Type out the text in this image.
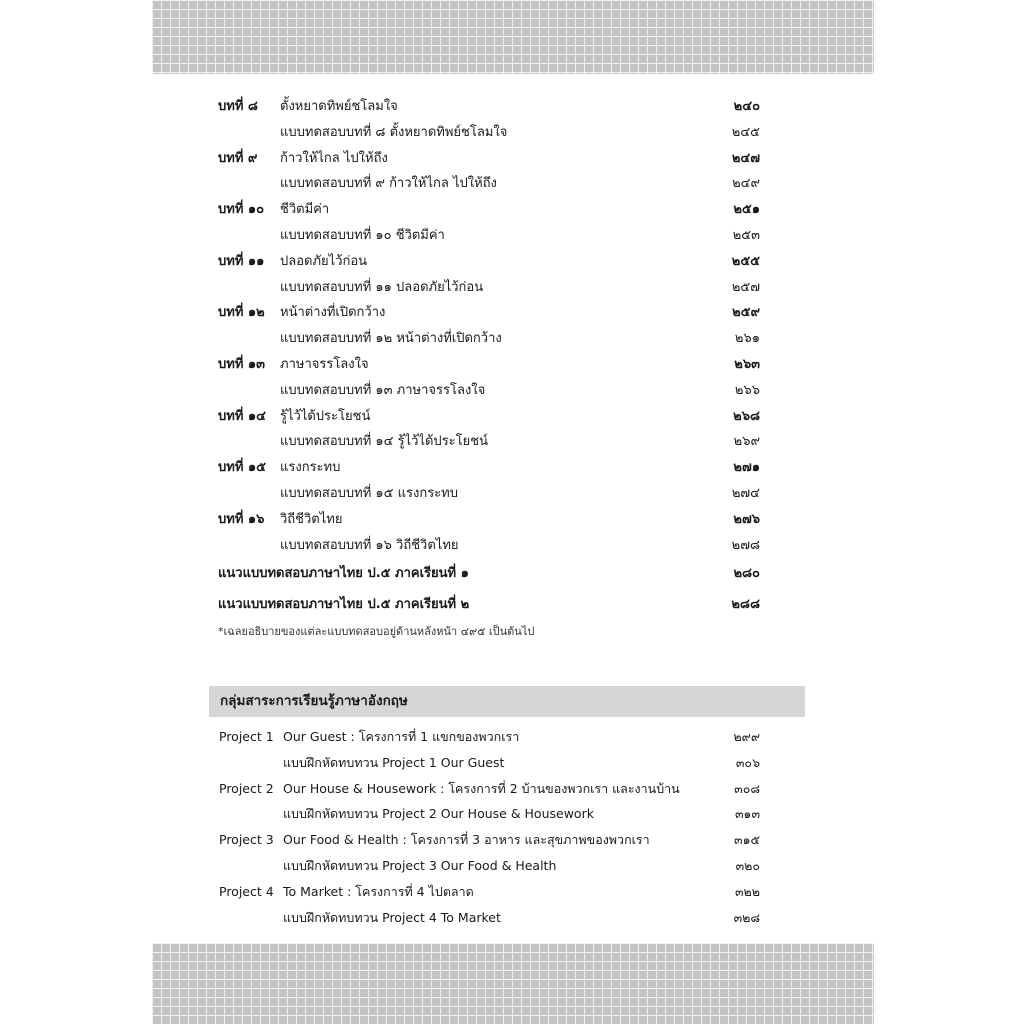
บทที่ ๘ ตั้งหยาดทิพย์ชโลมใจ	๒๔๐
แบบทดสอบบทที่ ๘ ตั้งหยาดทิพย์ชโลมใจ	๒๔๕
บทที่ ๙ ก้าวให้ไกล ไปให้ถึง	๒๔๗
แบบทดสอบบทที่ ๙ ก้าวให้ไกล ไปให้ถึง	๒๔๙
บทที่ ๑๐ ชีวิตมีค่า	๒๕๑
แบบทดสอบบทที่ ๑๐ ชีวิตมีค่า	๒๕๓
บทที่ ๑๑ ปลอดภัยไว้ก่อน	๒๕๕
แบบทดสอบบทที่ ๑๑ ปลอดภัยไว้ก่อน	๒๕๗
บทที่ ๑๒ หน้าต่างที่เปิดกว้าง	๒๕๙
แบบทดสอบบทที่ ๑๒ หน้าต่างที่เปิดกว้าง	๒๖๑
บทที่ ๑๓ ภาษาจรรโลงใจ	๒๖๓
แบบทดสอบบทที่ ๑๓ ภาษาจรรโลงใจ	๒๖๖
บทที่ ๑๔ รู้ไว้ได้ประโยชน์	๒๖๘
แบบทดสอบบทที่ ๑๔ รู้ไว้ได้ประโยชน์	๒๖๙
บทที่ ๑๕ แรงกระทบ	๒๗๑
แบบทดสอบบทที่ ๑๕ แรงกระทบ	๒๗๔
บทที่ ๑๖ วิถีชีวิตไทย	๒๗๖
แบบทดสอบบทที่ ๑๖ วิถีชีวิตไทย	๒๗๘
แนวแบบทดสอบภาษาไทย ป.๕ ภาคเรียนที่ ๑	๒๘๐
แนวแบบทดสอบภาษาไทย ป.๕ ภาคเรียนที่ ๒	๒๘๘
*เฉลยอธิบายของแต่ละแบบทดสอบอยู่ด้านหลังหน้า ๔๙๕ เป็นต้นไป
กลุ่มสาระการเรียนรู้ภาษาอังกฤษ
Project 1 Our Guest : โครงการที่ 1 แขกของพวกเรา	๒๙๙
แบบฝึกหัดทบทวน Project 1 Our Guest	๓๐๖
Project 2 Our House & Housework : โครงการที่ 2 บ้านของพวกเรา และงานบ้าน	๓๐๘
แบบฝึกหัดทบทวน Project 2 Our House & Housework	๓๑๓
Project 3 Our Food & Health : โครงการที่ 3 อาหาร และสุขภาพของพวกเรา	๓๑๕
แบบฝึกหัดทบทวน Project 3 Our Food & Health	๓๒๐
Project 4 To Market : โครงการที่ 4 ไปตลาด	๓๒๒
แบบฝึกหัดทบทวน Project 4 To Market	๓๒๘
